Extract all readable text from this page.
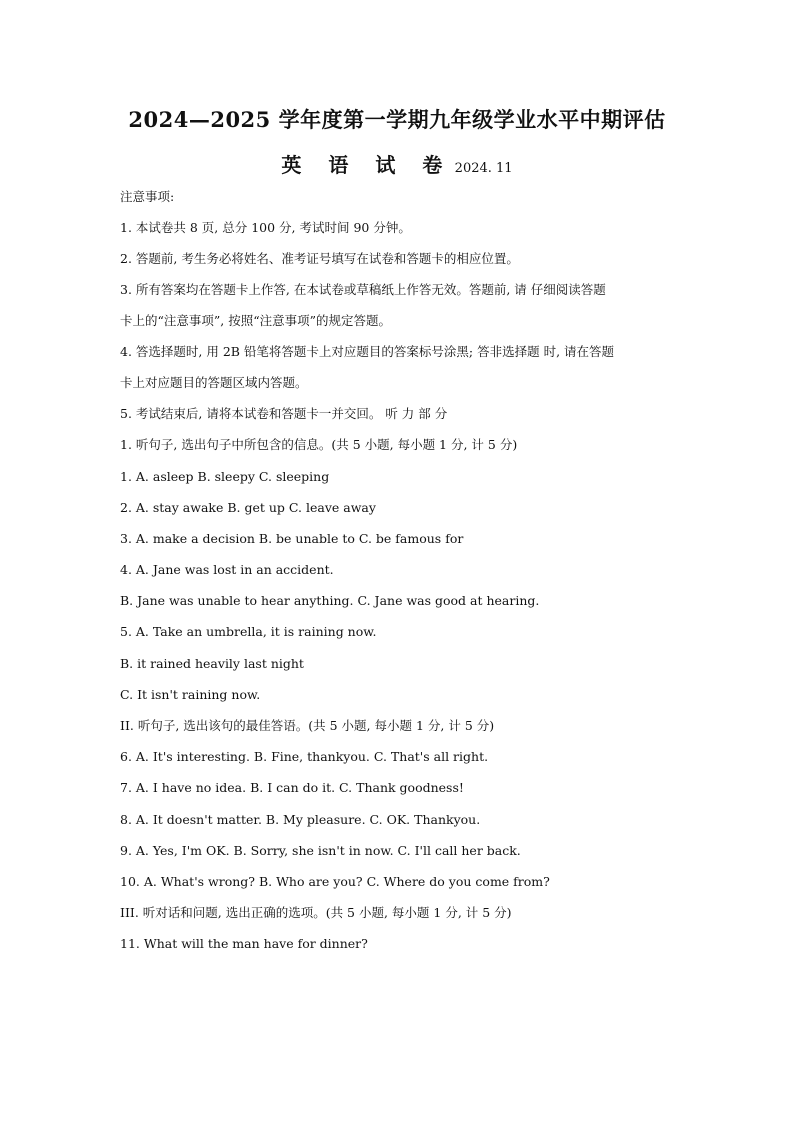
2024—2025 学年度第一学期九年级学业水平中期评估
英 语 试 卷 2024. 11
注意事项:
1. 本试卷共 8 页, 总分 100 分, 考试时间 90 分钟。
2. 答题前, 考生务必将姓名、准考证号填写在试卷和答题卡的相应位置。
3. 所有答案均在答题卡上作答, 在本试卷或草稿纸上作答无效。答题前, 请 仔细阅读答题
卡上的“注意事项”, 按照“注意事项”的规定答题。
4. 答选择题时, 用 2B 铅笔将答题卡上对应题目的答案标号涂黑; 答非选择题 时, 请在答题
卡上对应题目的答题区域内答题。
5. 考试结束后, 请将本试卷和答题卡一并交回。 听 力 部 分
1. 听句子, 选出句子中所包含的信息。(共 5 小题, 每小题 1 分, 计 5 分)
1. A. asleep B. sleepy C. sleeping
2. A. stay awake B. get up C. leave away
3. A. make a decision B. be unable to C. be famous for
4. A. Jane was lost in an accident.
B. Jane was unable to hear anything. C. Jane was good at hearing.
5. A. Take an umbrella, it is raining now.
B. it rained heavily last night
C. It isn't raining now.
II. 听句子, 选出该句的最佳答语。(共 5 小题, 每小题 1 分, 计 5 分)
6. A. It's interesting. B. Fine, thankyou. C. That's all right.
7. A. I have no idea. B. I can do it. C. Thank goodness!
8. A. It doesn't matter. B. My pleasure. C. OK. Thankyou.
9. A. Yes, I'm OK. B. Sorry, she isn't in now. C. I'll call her back.
10. A. What's wrong? B. Who are you? C. Where do you come from?
III. 听对话和问题, 选出正确的选项。(共 5 小题, 每小题 1 分, 计 5 分)
11. What will the man have for dinner?
